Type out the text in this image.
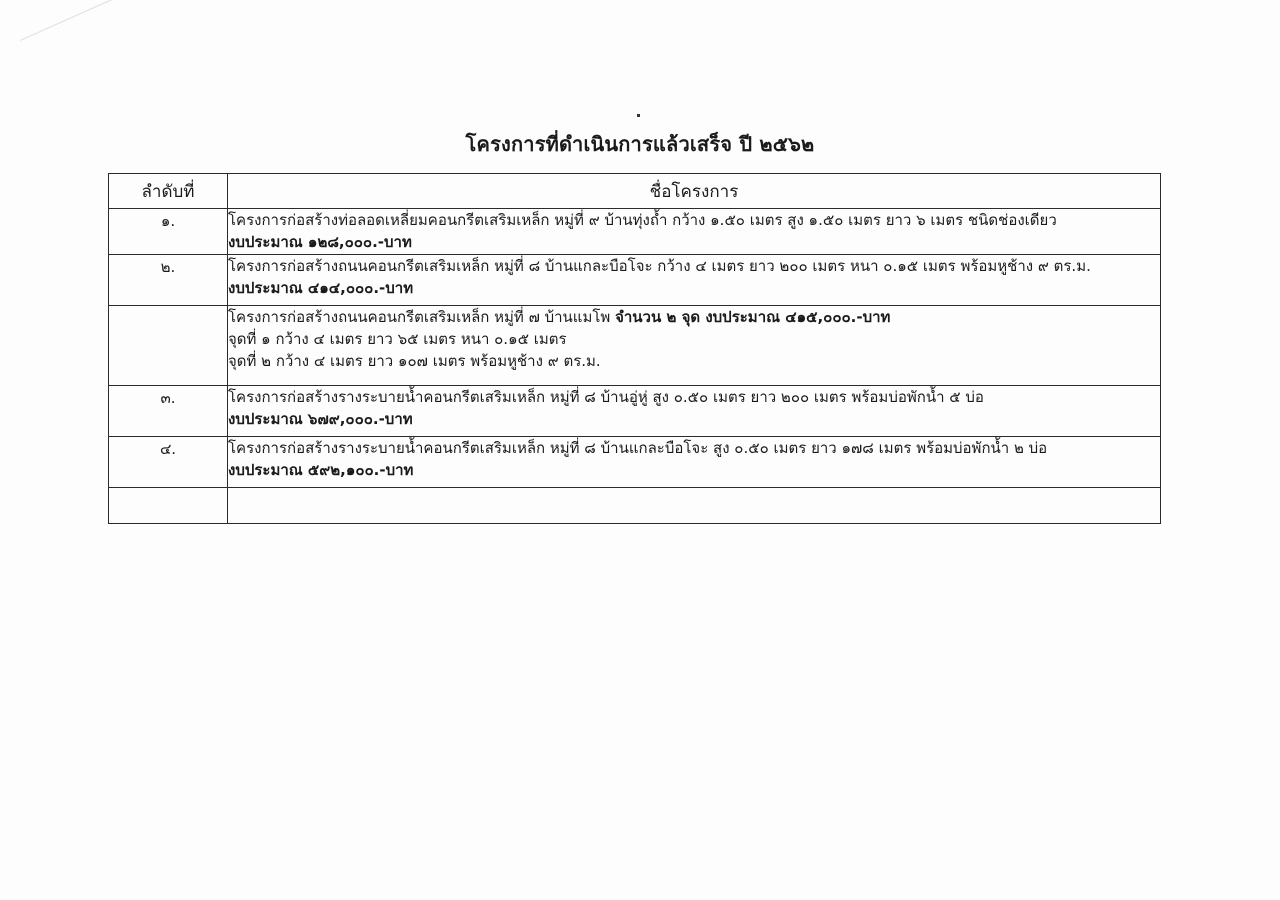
โครงการที่ดำเนินการแล้วเสร็จ ปี ๒๕๖๒
ลำดับที่	ชื่อโครงการ
๑.	โครงการก่อสร้างท่อลอดเหลี่ยมคอนกรีตเสริมเหล็ก หมู่ที่ ๙ บ้านทุ่งถ้ำ กว้าง ๑.๕๐ เมตร สูง ๑.๕๐ เมตร ยาว ๖ เมตร ชนิดช่องเดียว
งบประมาณ ๑๒๘,๐๐๐.-บาท

๒.	โครงการก่อสร้างถนนคอนกรีตเสริมเหล็ก หมู่ที่ ๘ บ้านแกละบือโจะ กว้าง ๔ เมตร ยาว ๒๐๐ เมตร หนา ๐.๑๕ เมตร พร้อมหูช้าง ๙ ตร.ม.
งบประมาณ ๔๑๔,๐๐๐.-บาท

	โครงการก่อสร้างถนนคอนกรีตเสริมเหล็ก หมู่ที่ ๗ บ้านแมโพ จำนวน ๒ จุด งบประมาณ ๔๑๕,๐๐๐.-บาท
จุดที่ ๑ กว้าง ๔ เมตร ยาว ๖๕ เมตร หนา ๐.๑๕ เมตร
จุดที่ ๒ กว้าง ๔ เมตร ยาว ๑๐๗ เมตร พร้อมหูช้าง ๙ ตร.ม.

๓.	โครงการก่อสร้างรางระบายน้ำคอนกรีตเสริมเหล็ก หมู่ที่ ๘ บ้านอู่หู่ สูง ๐.๕๐ เมตร ยาว ๒๐๐ เมตร พร้อมบ่อพักน้ำ ๕ บ่อ
งบประมาณ ๖๗๙,๐๐๐.-บาท

๔.	โครงการก่อสร้างรางระบายน้ำคอนกรีตเสริมเหล็ก หมู่ที่ ๘ บ้านแกละบือโจะ สูง ๐.๕๐ เมตร ยาว ๑๗๘ เมตร พร้อมบ่อพักน้ำ ๒ บ่อ
งบประมาณ ๕๙๒,๑๐๐.-บาท
